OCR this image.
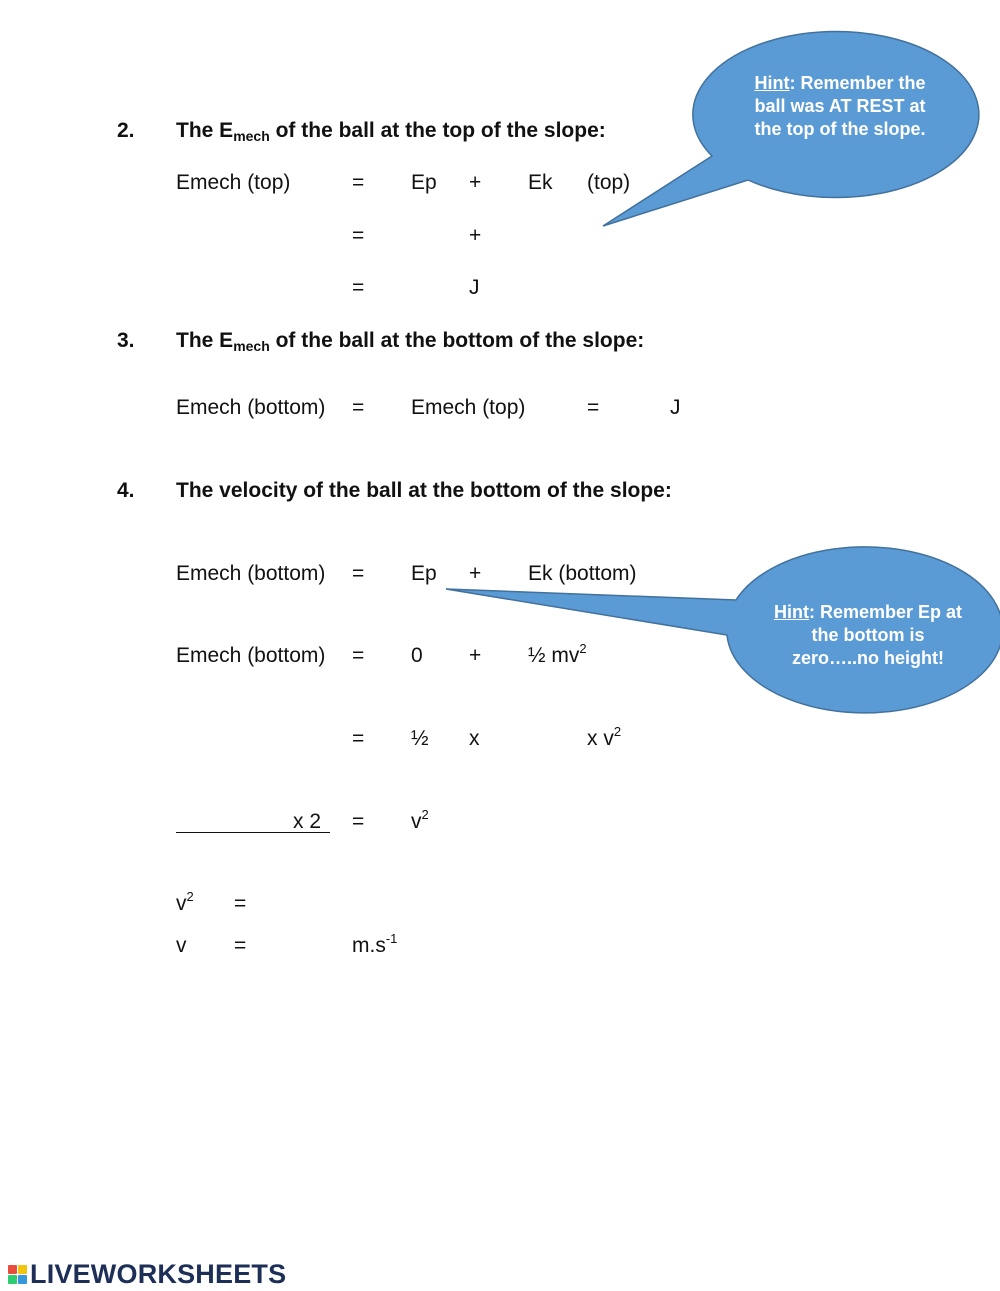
2. The Emech of the ball at the top of the slope:
Emech (top)	= Ep + Ek (top)
=	+
=	J
3. The Emech of the ball at the bottom of the slope:
Emech (bottom) = Emech (top)	=	J
4. The velocity of the ball at the bottom of the slope:
Emech (bottom) = Ep + Ek (bottom)
Emech (bottom) = 0 + ½ $mv^2$
= ½ x	x $v^2$
x $2 = v^2$
$v^2$ =
v =	$m.s^{-1}$
Hint: Remember the ball was AT REST at the top of the slope.
Hint: Remember Ep at the bottom is zero…..no height!
LIVEWORKSHEETS
